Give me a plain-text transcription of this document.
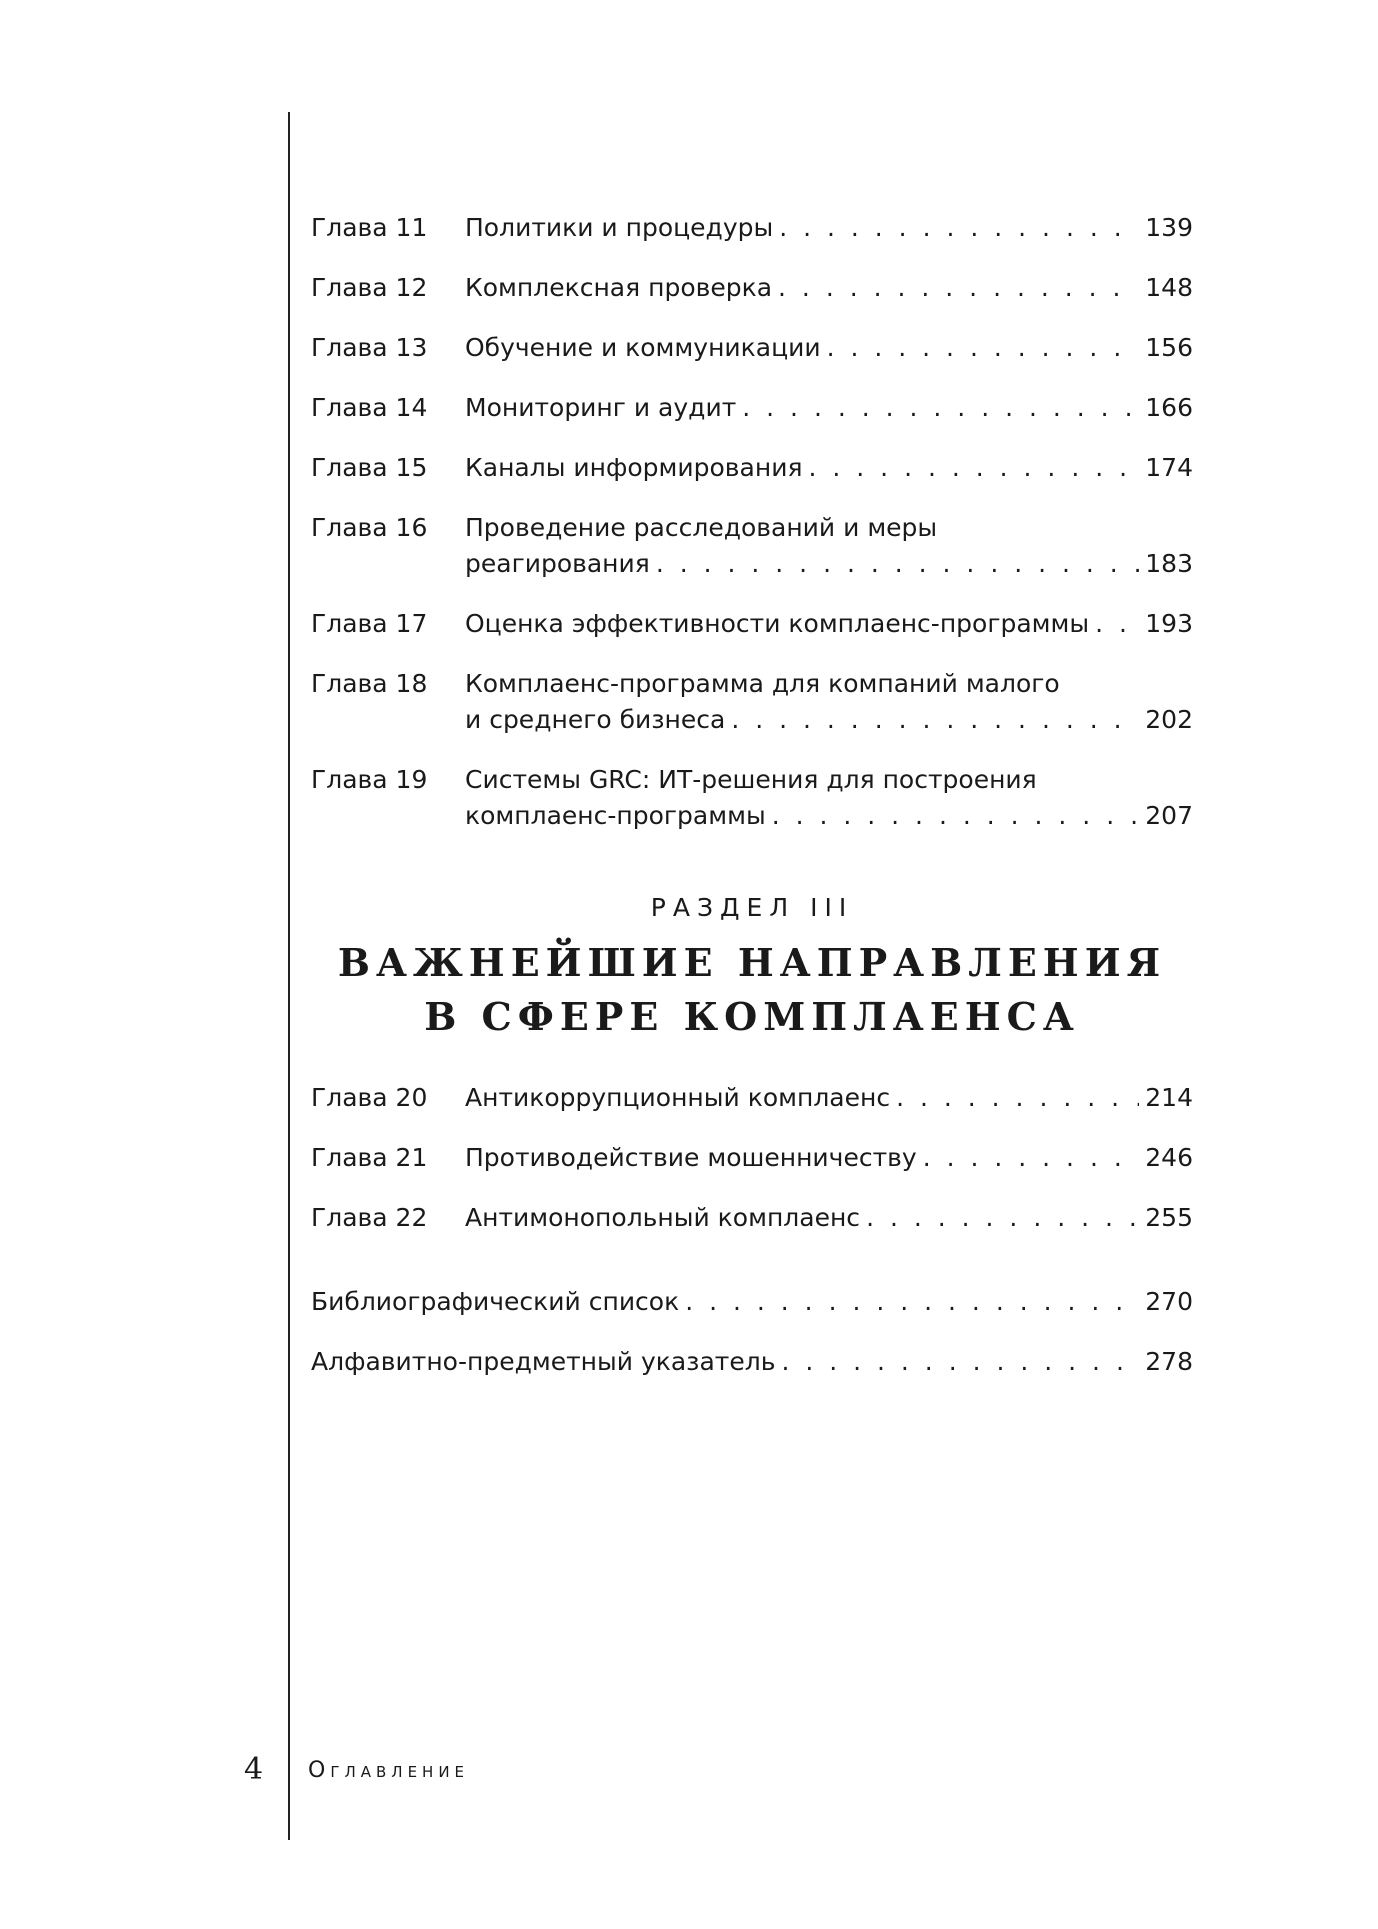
Глава 11	Политики и процедуры . . .	139
Глава 12	Комплексная проверка . . .	148
Глава 13	Обучение и коммуникации . . .	156
Глава 14	Мониторинг и аудит . . .	166
Глава 15	Каналы информирования . . .	174
Глава 16	Проведение расследований и меры
реагирования . . .	183
Глава 17	Оценка эффективности комплаенс-программы . . . 193
Глава 18	Комплаенс-программа для компаний малого
и среднего бизнеса . . .	202
Глава 19	Системы GRC: ИТ-решения для построения
комплаенс-программы . . .	207
РАЗДЕЛ III
ВАЖНЕЙШИЕ НАПРАВЛЕНИЯ
В СФЕРЕ КОМПЛАЕНСА
Глава 20	Антикоррупционный комплаенс . . .	214
Глава 21	Противодействие мошенничеству . . .	246
Глава 22	Антимонопольный комплаенс . . .	255
Библиографический список . . .	270
Алфавитно-предметный указатель . . .	278
4 Оглавление
